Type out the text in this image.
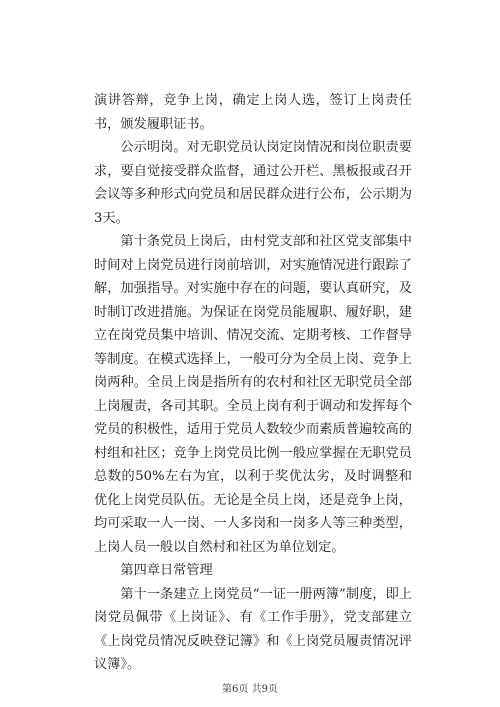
演讲答辩，竞争上岗，确定上岗人选，签订上岗责任书，颁发履职证书。

公示明岗。对无职党员认岗定岗情况和岗位职责要求，要自觉接受群众监督，通过公开栏、黑板报或召开会议等多种形式向党员和居民群众进行公布，公示期为3天。

第十条党员上岗后，由村党支部和社区党支部集中时间对上岗党员进行岗前培训，对实施情况进行跟踪了解，加强指导。对实施中存在的问题，要认真研究，及时制订改进措施。为保证在岗党员能履职、履好职，建立在岗党员集中培训、情况交流、定期考核、工作督导等制度。在模式选择上，一般可分为全员上岗、竞争上岗两种。全员上岗是指所有的农村和社区无职党员全部上岗履责，各司其职。全员上岗有利于调动和发挥每个党员的积极性，适用于党员人数较少而素质普遍较高的村组和社区；竞争上岗党员比例一般应掌握在无职党员总数的50%左右为宜，以利于奖优汰劣，及时调整和优化上岗党员队伍。无论是全员上岗，还是竞争上岗，均可采取一人一岗、一人多岗和一岗多人等三种类型，上岗人员一般以自然村和社区为单位划定。

第四章日常管理

第十一条建立上岗党员“一证一册两簿”制度，即上岗党员佩带《上岗证》、有《工作手册》，党支部建立《上岗党员情况反映登记簿》和《上岗党员履责情况评议簿》。

第6页 共9页
